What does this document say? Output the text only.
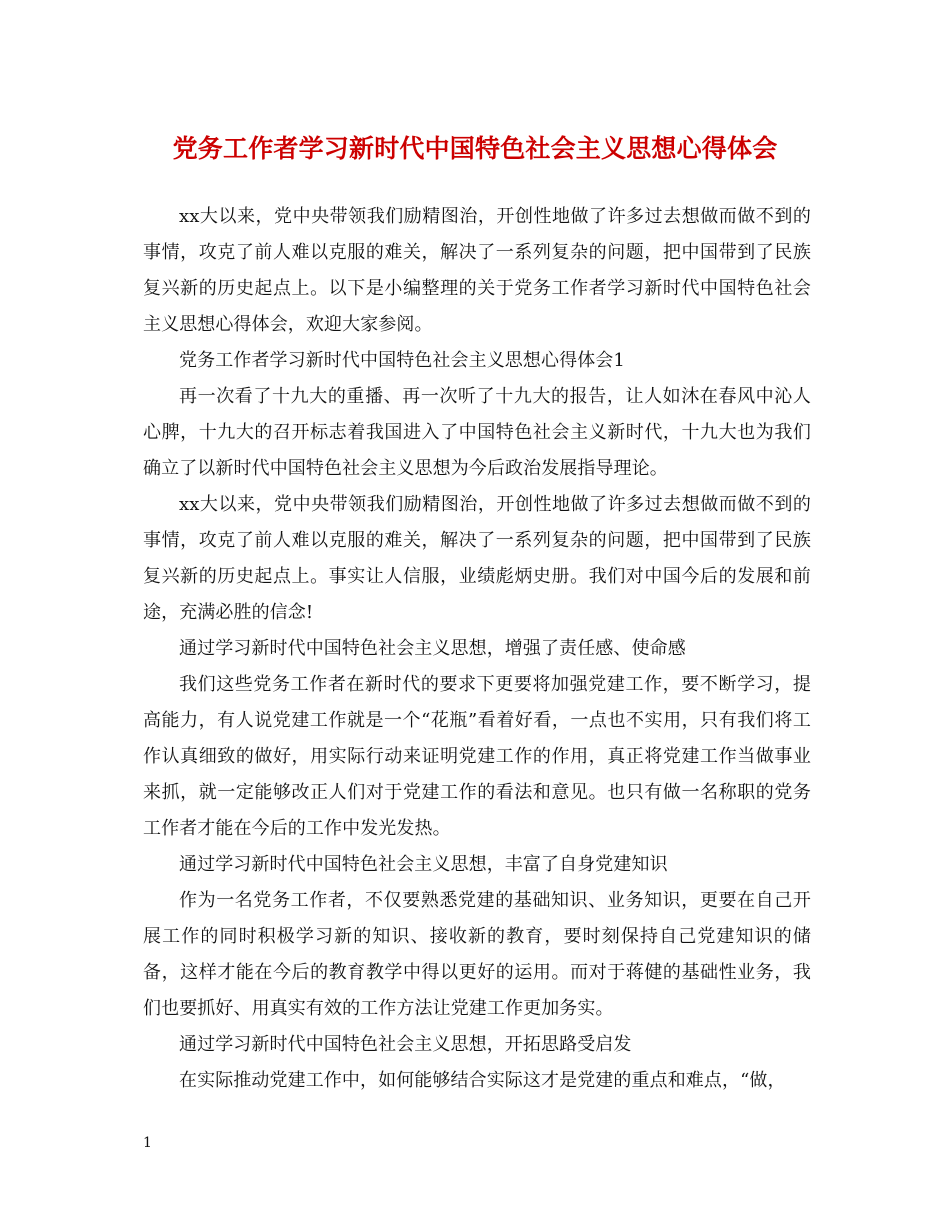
党务工作者学习新时代中国特色社会主义思想心得体会

xx大以来，党中央带领我们励精图治，开创性地做了许多过去想做而做不到的事情，攻克了前人难以克服的难关，解决了一系列复杂的问题，把中国带到了民族复兴新的历史起点上。以下是小编整理的关于党务工作者学习新时代中国特色社会主义思想心得体会，欢迎大家参阅。

党务工作者学习新时代中国特色社会主义思想心得体会1

再一次看了十九大的重播、再一次听了十九大的报告，让人如沐在春风中沁人心脾，十九大的召开标志着我国进入了中国特色社会主义新时代，十九大也为我们确立了以新时代中国特色社会主义思想为今后政治发展指导理论。

xx大以来，党中央带领我们励精图治，开创性地做了许多过去想做而做不到的事情，攻克了前人难以克服的难关，解决了一系列复杂的问题，把中国带到了民族复兴新的历史起点上。事实让人信服，业绩彪炳史册。我们对中国今后的发展和前途，充满必胜的信念!

通过学习新时代中国特色社会主义思想，增强了责任感、使命感

我们这些党务工作者在新时代的要求下更要将加强党建工作，要不断学习，提高能力，有人说党建工作就是一个“花瓶”看着好看，一点也不实用，只有我们将工作认真细致的做好，用实际行动来证明党建工作的作用，真正将党建工作当做事业来抓，就一定能够改正人们对于党建工作的看法和意见。也只有做一名称职的党务工作者才能在今后的工作中发光发热。

通过学习新时代中国特色社会主义思想，丰富了自身党建知识

作为一名党务工作者，不仅要熟悉党建的基础知识、业务知识，更要在自己开展工作的同时积极学习新的知识、接收新的教育，要时刻保持自己党建知识的储备，这样才能在今后的教育教学中得以更好的运用。而对于蒋健的基础性业务，我们也要抓好、用真实有效的工作方法让党建工作更加务实。

通过学习新时代中国特色社会主义思想，开拓思路受启发

在实际推动党建工作中，如何能够结合实际这才是党建的重点和难点，“做，

1
